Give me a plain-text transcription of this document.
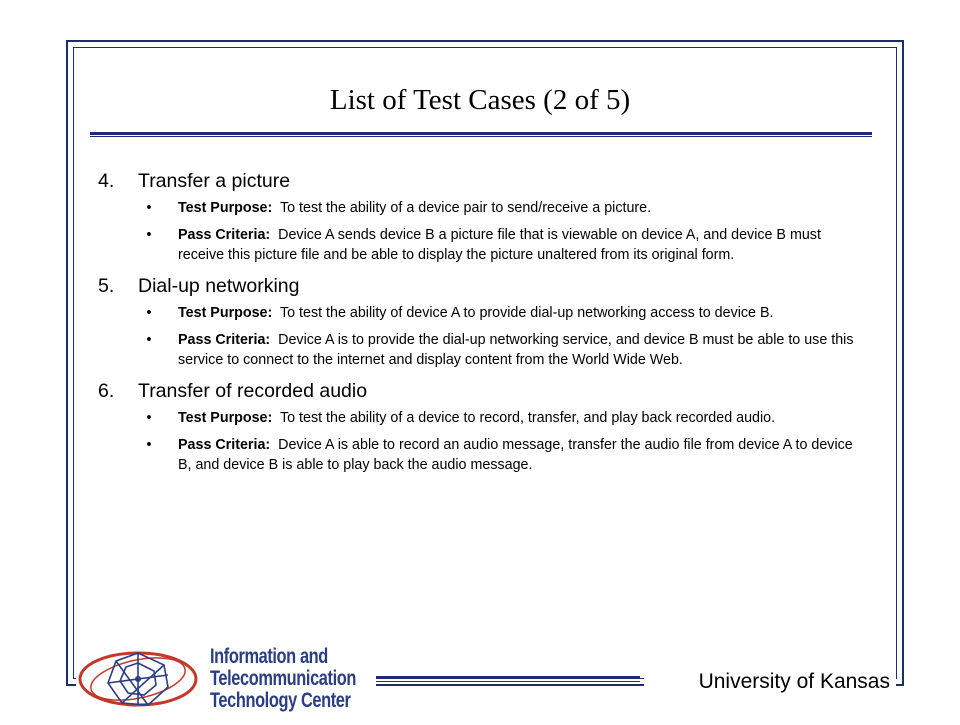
List of Test Cases (2 of 5)
4.	Transfer a picture
•	Test Purpose: To test the ability of a device pair to send/receive a picture.
•	Pass Criteria: Device A sends device B a picture file that is viewable on device A, and device B must receive this picture file and be able to display the picture unaltered from its original form.
5.	Dial-up networking
•	Test Purpose: To test the ability of device A to provide dial-up networking access to device B.
•	Pass Criteria: Device A is to provide the dial-up networking service, and device B must be able to use this service to connect to the internet and display content from the World Wide Web.
6.	Transfer of recorded audio
•	Test Purpose: To test the ability of a device to record, transfer, and play back recorded audio.
•	Pass Criteria: Device A is able to record an audio message, transfer the audio file from device A to device B, and device B is able to play back the audio message.
University of Kansas
Information and
Telecommunication
Technology Center
